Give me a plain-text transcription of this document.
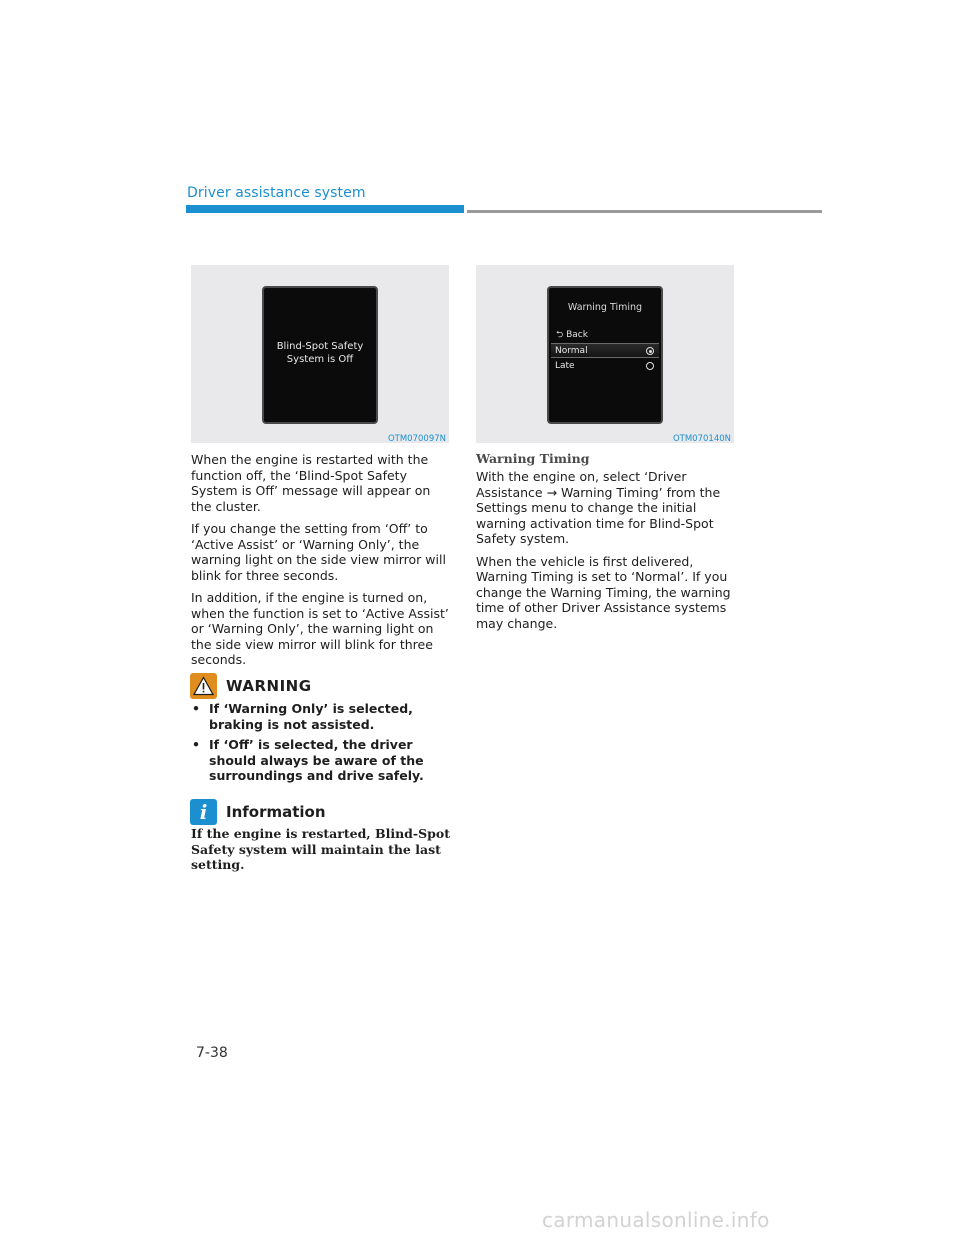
Driver assistance system
Blind-Spot Safety
System is Off
OTM070097N
Warning Timing
⮌ Back
Normal
Late
OTM070140N

When the engine is restarted with the function off, the ‘Blind-Spot Safety System is Off’ message will appear on the cluster.

If you change the setting from ‘Off’ to ‘Active Assist’ or ‘Warning Only’, the warning light on the side view mirror will blink for three seconds.

In addition, if the engine is turned on, when the function is set to ‘Active Assist’ or ‘Warning Only’, the warning light on the side view mirror will blink for three seconds.

WARNING
• If ‘Warning Only’ is selected, braking is not assisted.
• If ‘Off’ is selected, the driver should always be aware of the surroundings and drive safely.
i	Information
If the engine is restarted, Blind-Spot Safety system will maintain the last setting.
Warning Timing

With the engine on, select ‘Driver Assistance → Warning Timing’ from the Settings menu to change the initial warning activation time for Blind-Spot Safety system.

When the vehicle is first delivered, Warning Timing is set to ‘Normal’. If you change the Warning Timing, the warning time of other Driver Assistance systems may change.

7-38
carmanualsonline.info
